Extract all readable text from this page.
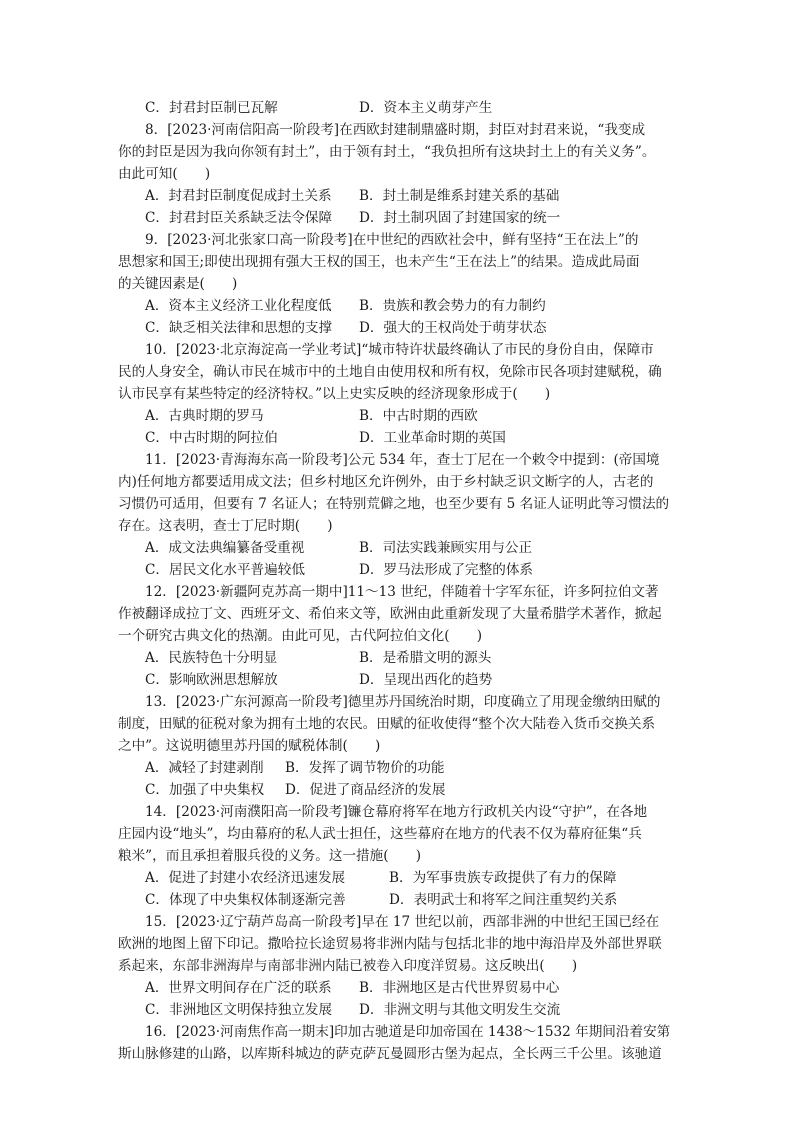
C．封君封臣制已瓦解	D．资本主义萌芽产生
8．[2023·河南信阳高一阶段考]在西欧封建制鼎盛时期，封臣对封君来说，“我变成
你的封臣是因为我向你领有封土”，由于领有封土，“我负担所有这块封土上的有关义务”。
由此可知(　　)
A．封君封臣制度促成封土关系 B．封土制是维系封建关系的基础
C．封君封臣关系缺乏法令保障 D．封土制巩固了封建国家的统一
9．[2023·河北张家口高一阶段考]在中世纪的西欧社会中，鲜有坚持“王在法上”的
思想家和国王;即使出现拥有强大王权的国王，也未产生“王在法上”的结果。造成此局面
的关键因素是(　　)
A．资本主义经济工业化程度低 B．贵族和教会势力的有力制约
C．缺乏相关法律和思想的支撑 D．强大的王权尚处于萌芽状态
10．[2023·北京海淀高一学业考试]“城市特许状最终确认了市民的身份自由，保障市
民的人身安全，确认市民在城市中的土地自由使用权和所有权，免除市民各项封建赋税，确
认市民享有某些特定的经济特权。”以上史实反映的经济现象形成于(　　)
A．古典时期的罗马	B．中古时期的西欧
C．中古时期的阿拉伯	D．工业革命时期的英国
11．[2023·青海海东高一阶段考]公元 534 年，查士丁尼在一个敕令中提到：(帝国境
内)任何地方都要适用成文法；但乡村地区允许例外，由于乡村缺乏识文断字的人，古老的
习惯仍可适用，但要有 7 名证人；在特别荒僻之地，也至少要有 5 名证人证明此等习惯法的
存在。这表明，查士丁尼时期(　　)
A．成文法典编纂备受重视	B．司法实践兼顾实用与公正
C．居民文化水平普遍较低	D．罗马法形成了完整的体系
12．[2023·新疆阿克苏高一期中]11～13 世纪，伴随着十字军东征，许多阿拉伯文著
作被翻译成拉丁文、西班牙文、希伯来文等，欧洲由此重新发现了大量希腊学术著作，掀起
一个研究古典文化的热潮。由此可见，古代阿拉伯文化(　　)
A．民族特色十分明显	B．是希腊文明的源头
C．影响欧洲思想解放	D．呈现出西化的趋势
13．[2023·广东河源高一阶段考]德里苏丹国统治时期，印度确立了用现金缴纳田赋的
制度，田赋的征税对象为拥有土地的农民。田赋的征收使得“整个次大陆卷入货币交换关系
之中”。这说明德里苏丹国的赋税体制(　　)
A．减轻了封建剥削 B．发挥了调节物价的功能
C．加强了中央集权 D．促进了商品经济的发展
14．[2023·河南濮阳高一阶段考]镰仓幕府将军在地方行政机关内设“守护”，在各地
庄园内设“地头”，均由幕府的私人武士担任，这些幕府在地方的代表不仅为幕府征集“兵
粮米”，而且承担着服兵役的义务。这一措施(　　)
A．促进了封建小农经济迅速发展	B．为军事贵族专政提供了有力的保障
C．体现了中央集权体制逐渐完善	D．表明武士和将军之间注重契约关系
15．[2023·辽宁葫芦岛高一阶段考]早在 17 世纪以前，西部非洲的中世纪王国已经在
欧洲的地图上留下印记。撒哈拉长途贸易将非洲内陆与包括北非的地中海沿岸及外部世界联
系起来，东部非洲海岸与南部非洲内陆已被卷入印度洋贸易。这反映出(　　)
A．世界文明间存在广泛的联系 B．非洲地区是古代世界贸易中心
C．非洲地区文明保持独立发展 D．非洲文明与其他文明发生交流
16．[2023·河南焦作高一期末]印加古驰道是印加帝国在 1438～1532 年期间沿着安第
斯山脉修建的山路，以库斯科城边的萨克萨瓦曼圆形古堡为起点，全长两三千公里。该驰道
